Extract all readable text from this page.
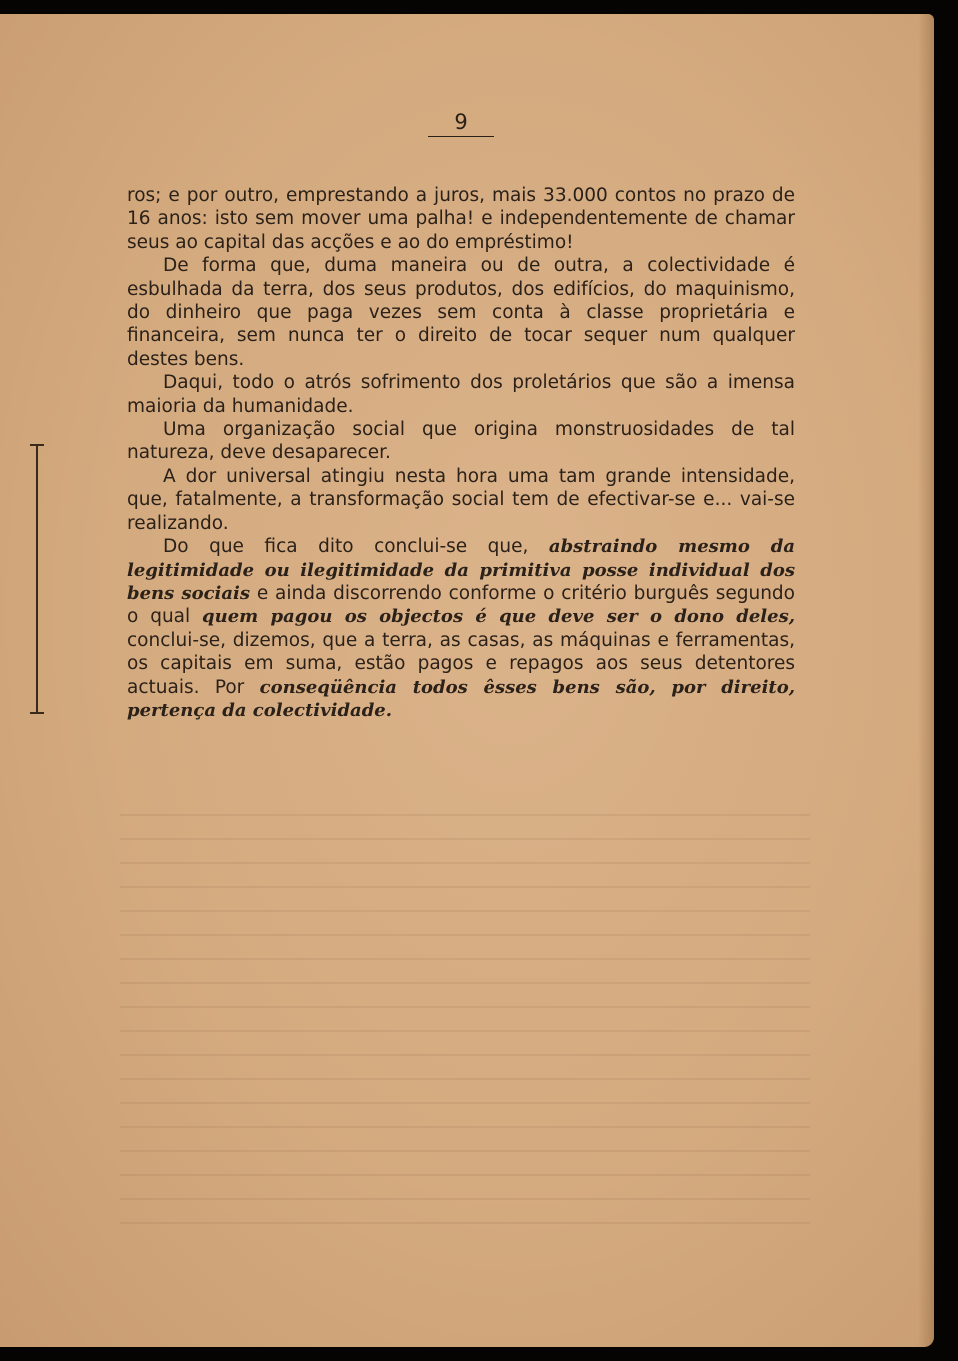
9

ros; e por outro, emprestando a juros, mais 33.000 contos no prazo de 16 anos: isto sem mover uma palha! e independentemente de chamar seus ao capital das acções e ao do empréstimo!

De forma que, duma maneira ou de outra, a colectividade é esbulhada da terra, dos seus produtos, dos edifícios, do maquinismo, do dinheiro que paga vezes sem conta à classe proprietária e financeira, sem nunca ter o direito de tocar sequer num qualquer destes bens.

Daqui, todo o atrós sofrimento dos proletários que são a imensa maioria da humanidade.

Uma organização social que origina monstruosidades de tal natureza, deve desaparecer.

A dor universal atingiu nesta hora uma tam grande intensidade, que, fatalmente, a transformação social tem de efectivar-se e... vai-se realizando.

Do que fica dito conclui-se que, abstraindo mesmo da legitimidade ou ilegitimidade da primitiva posse individual dos bens sociais e ainda discorrendo conforme o critério burguês segundo o qual quem pagou os objectos é que deve ser o dono deles, conclui-se, dizemos, que a terra, as casas, as máquinas e ferramentas, os capitais em suma, estão pagos e repagos aos seus detentores actuais. Por conseqüência todos êsses bens são, por direito, pertença da colectividade.
